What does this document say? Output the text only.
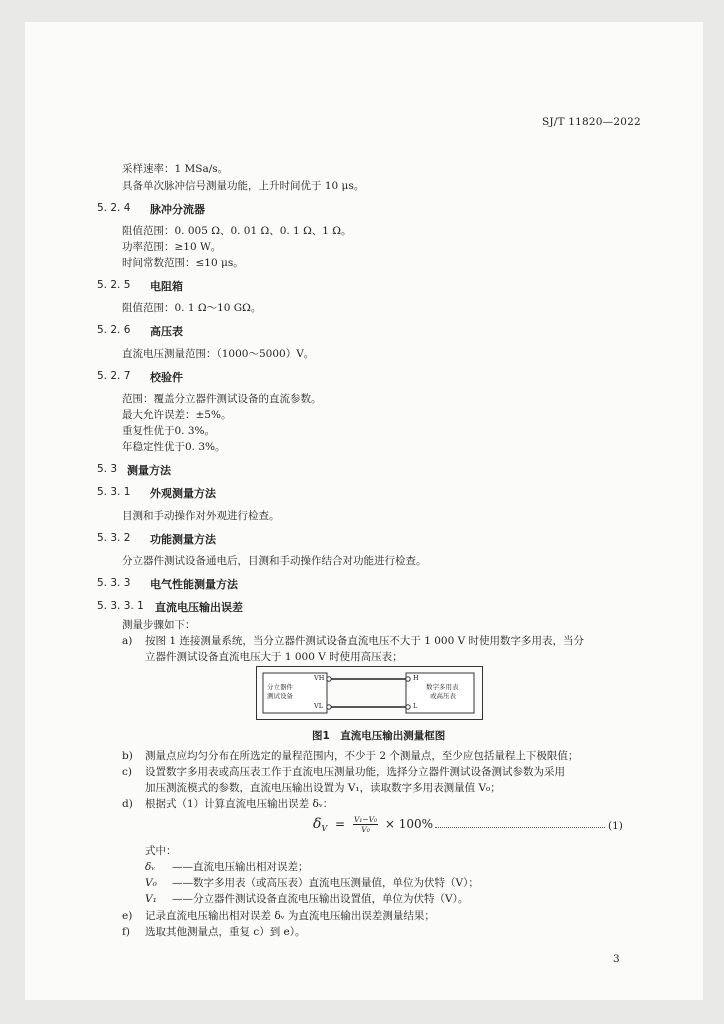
SJ/T 11820—2022
采样速率：1 MSa/s。
具备单次脉冲信号测量功能，上升时间优于 10 μs。
5. 2. 4 脉冲分流器
阻值范围：0. 005 Ω、0. 01 Ω、0. 1 Ω、1 Ω。
功率范围：≥10 W。
时间常数范围：≤10 μs。
5. 2. 5 电阻箱
阻值范围：0. 1 Ω～10 GΩ。
5. 2. 6 高压表
直流电压测量范围：（1000～5000）V。
5. 2. 7 校验件
范围：覆盖分立器件测试设备的直流参数。
最大允许误差：±5%。
重复性优于0. 3%。
年稳定性优于0. 3%。
5. 3 测量方法
5. 3. 1 外观测量方法
目测和手动操作对外观进行检查。
5. 3. 2 功能测量方法
分立器件测试设备通电后，目测和手动操作结合对功能进行检查。
5. 3. 3 电气性能测量方法
5. 3. 3. 1 直流电压输出误差
测量步骤如下：
a) 按图 1 连接测量系统，当分立器件测试设备直流电压不大于 1 000 V 时使用数字多用表，当分
立器件测试设备直流电压大于 1 000 V 时使用高压表；
分立器件
测试设备
VH
VL
H
L
数字多用表
或高压表
图1　直流电压输出测量框图
b) 测量点应均匀分布在所选定的量程范围内，不少于 2 个测量点，至少应包括量程上下极限值；
c) 设置数字多用表或高压表工作于直流电压测量功能，选择分立器件测试设备测试参数为采用
加压测流模式的参数，直流电压输出设置为 V₁，读取数字多用表测量值 V₀；
d) 根据式（1）计算直流电压输出误差 δᵥ：
$\delta_V = \frac{\text{V₁−V₀}}{\text{V₀}} \times 100\%$	(1)
式中：
δᵥ ——直流电压输出相对误差；
V₀ ——数字多用表（或高压表）直流电压测量值，单位为伏特（V）；
V₁ ——分立器件测试设备直流电压输出设置值，单位为伏特（V）。
e) 记录直流电压输出相对误差 δᵥ 为直流电压输出误差测量结果；
f) 选取其他测量点，重复 c）到 e）。
3
